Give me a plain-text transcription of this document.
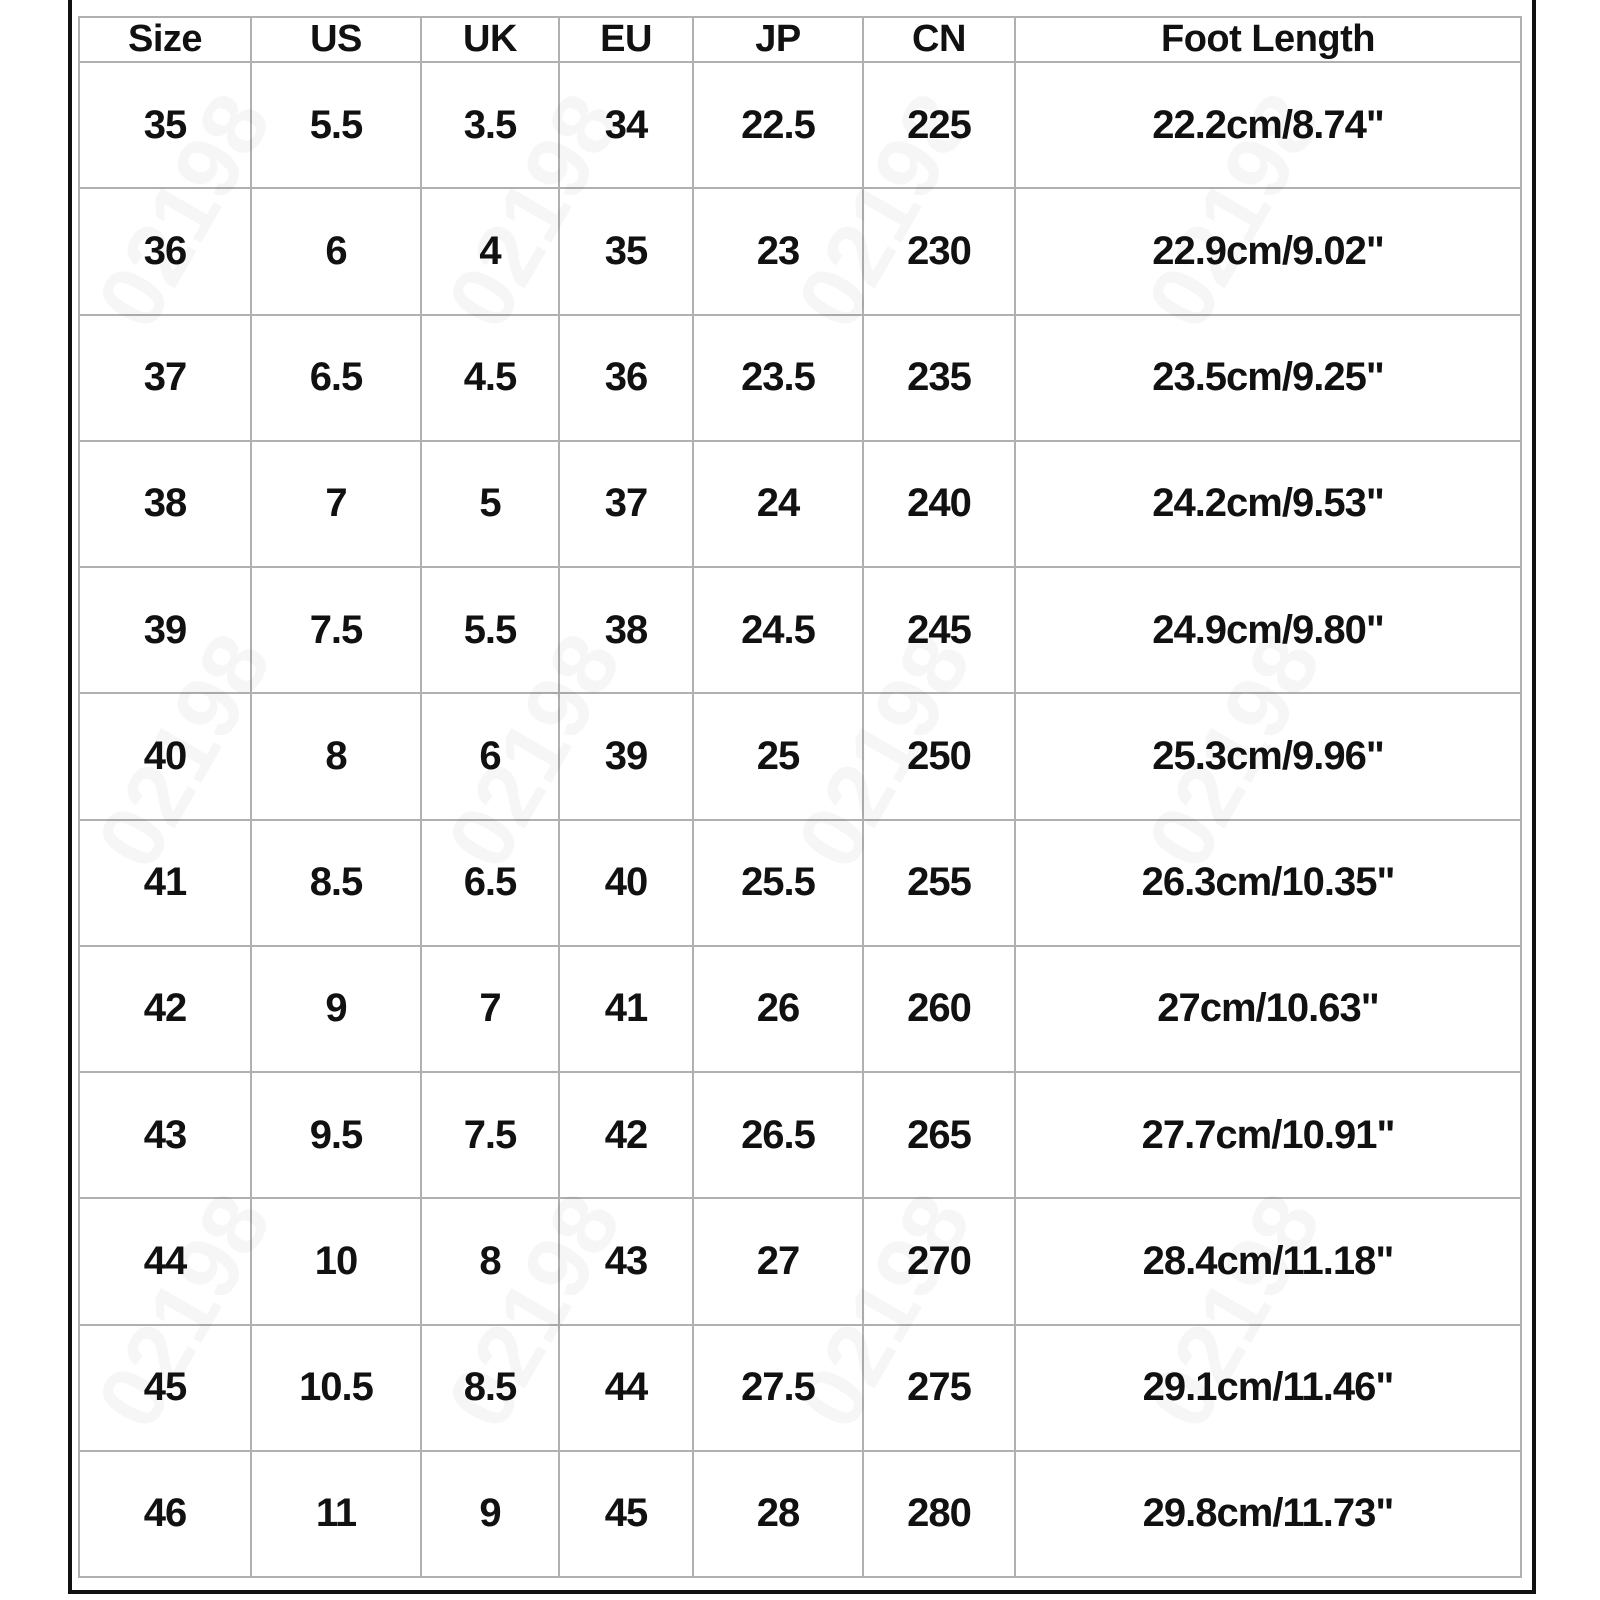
Size	US	UK	EU	JP	CN	Foot Length
35	5.5	3.5	34	22.5	225	22.2cm/8.74"
36	6	4	35	23	230	22.9cm/9.02"
37	6.5	4.5	36	23.5	235	23.5cm/9.25"
38	7	5	37	24	240	24.2cm/9.53"
39	7.5	5.5	38	24.5	245	24.9cm/9.80"
40	8	6	39	25	250	25.3cm/9.96"
41	8.5	6.5	40	25.5	255	26.3cm/10.35"
42	9	7	41	26	260	27cm/10.63"
43	9.5	7.5	42	26.5	265	27.7cm/10.91"
44	10	8	43	27	270	28.4cm/11.18"
45	10.5	8.5	44	27.5	275	29.1cm/11.46"
46	11	9	45	28	280	29.8cm/11.73"
